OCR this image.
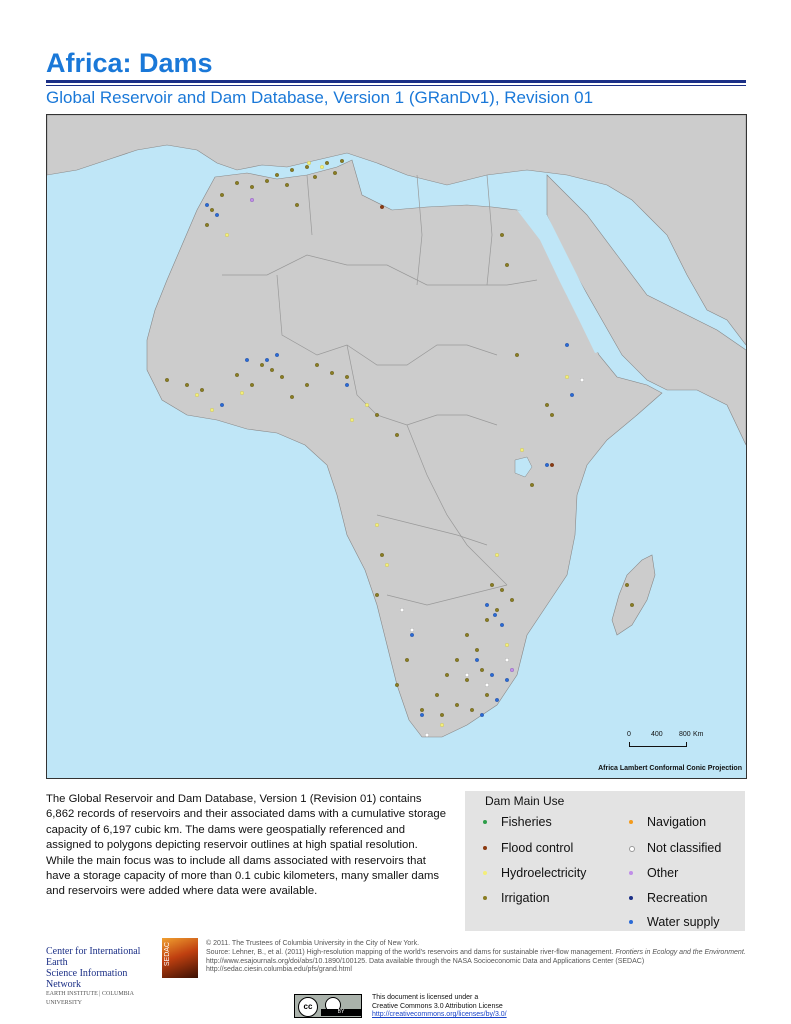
Africa: Dams
Global Reservoir and Dam Database, Version 1 (GRanDv1), Revision 01
0	400 800 Km
Africa Lambert Conformal Conic Projection
The Global Reservoir and Dam Database, Version 1 (Revision 01) contains 6,862 records of reservoirs and their associated dams with a cumulative storage capacity of 6,197 cubic km. The dams were geospatially referenced and assigned to polygons depicting reservoir outlines at high spatial resolution. While the main focus was to include all dams associated with reservoirs that have a storage capacity of more than 0.1 cubic kilometers, many smaller dams and reservoirs were added where data were available.
Dam Main Use
Fisheries
Flood control
Hydroelectricity
Irrigation
Navigation
Not classified
Other
Recreation
Water supply
Center for International Earth
Science Information Network
EARTH INSTITUTE | COLUMBIA UNIVERSITY
SEDAC	© 2011. The Trustees of Columbia University in the City of New York.
Source: Lehner, B., et al. (2011) High-resolution mapping of the world's reservoirs and dams for sustainable river-flow management. Frontiers in Ecology and the Environment. http://www.esajournals.org/doi/abs/10.1890/100125. Data available through the NASA Socioeconomic Data and Applications Center (SEDAC) http://sedac.ciesin.columbia.edu/pfs/grand.html
cc
BY
This document is licensed under a
Creative Commons 3.0 Attribution License
http://creativecommons.org/licenses/by/3.0/
